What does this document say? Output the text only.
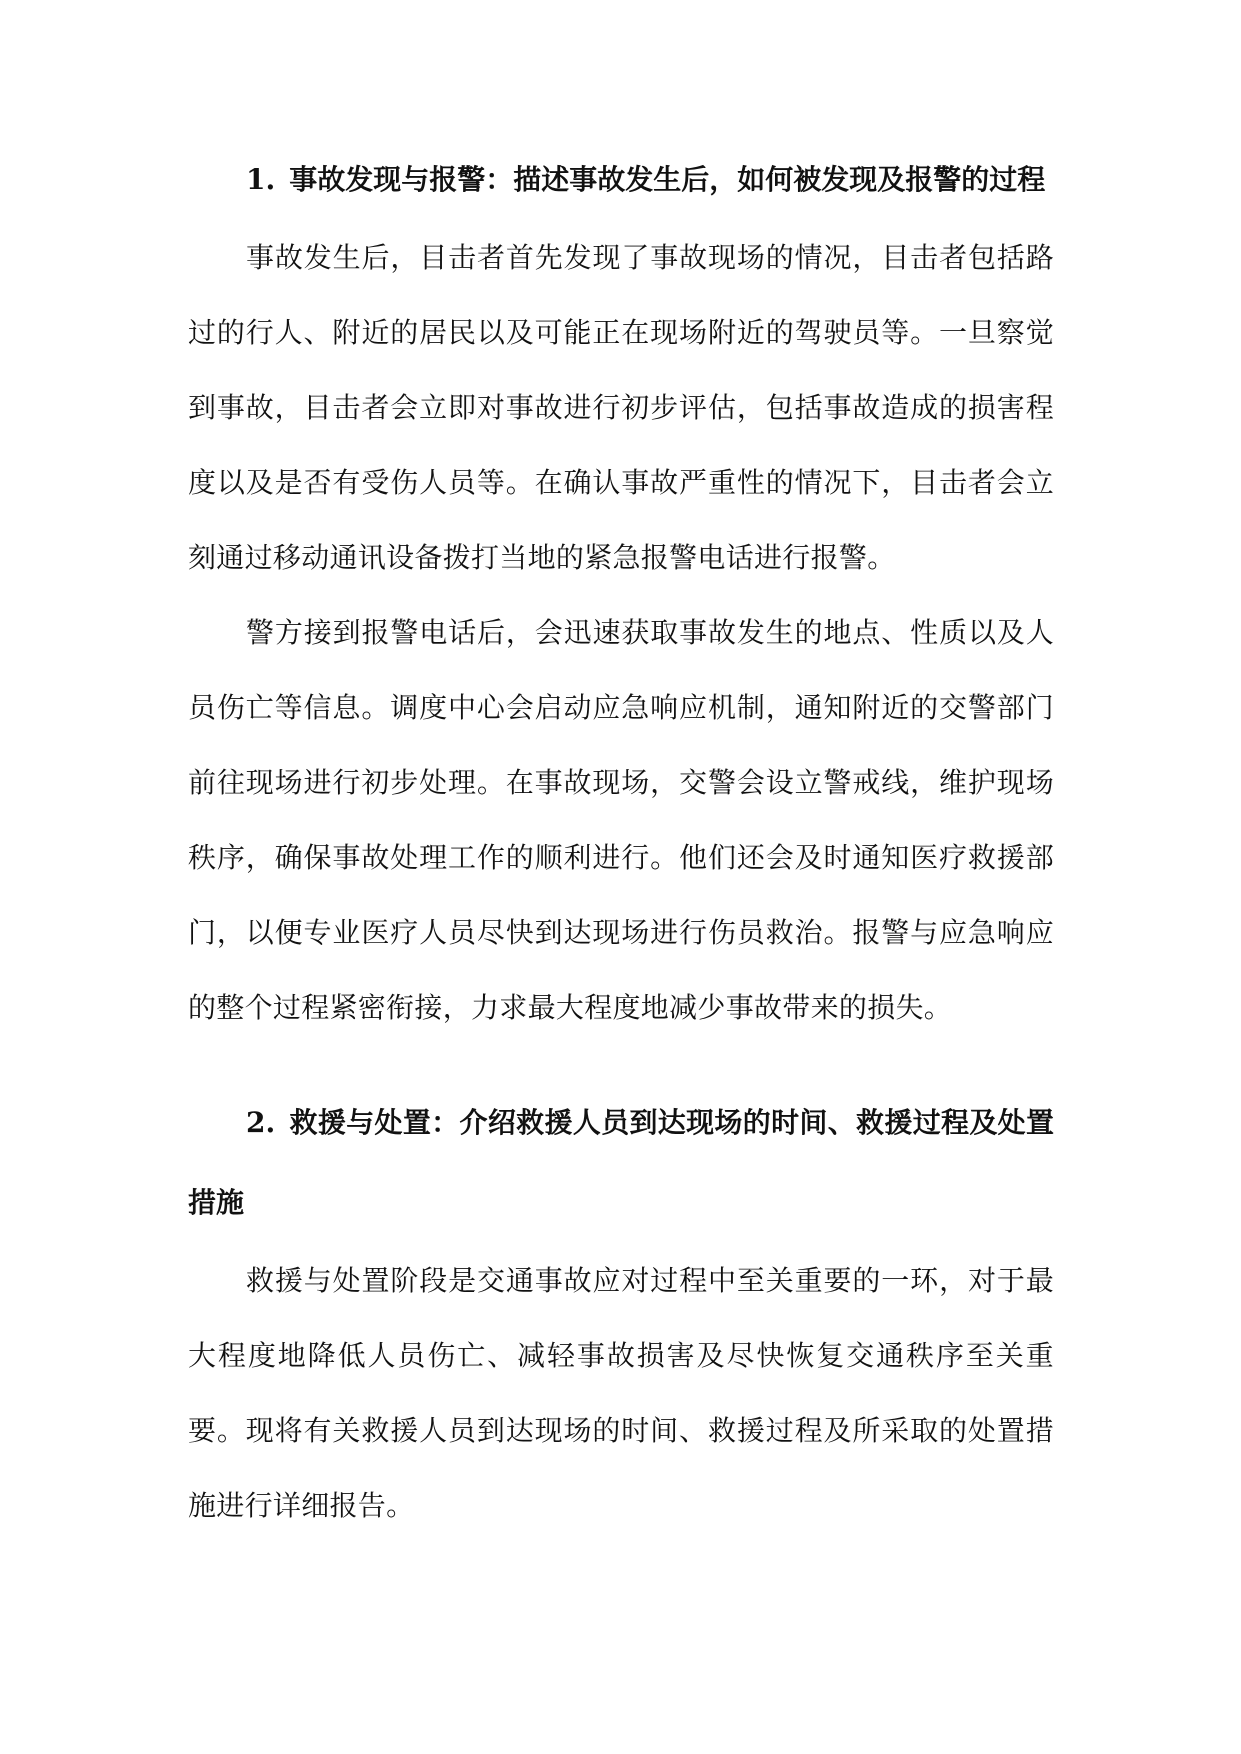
1. 事故发现与报警：描述事故发生后，如何被发现及报警的过程

事故发生后，目击者首先发现了事故现场的情况，目击者包括路过的行人、附近的居民以及可能正在现场附近的驾驶员等。一旦察觉到事故，目击者会立即对事故进行初步评估，包括事故造成的损害程度以及是否有受伤人员等。在确认事故严重性的情况下，目击者会立刻通过移动通讯设备拨打当地的紧急报警电话进行报警。

警方接到报警电话后，会迅速获取事故发生的地点、性质以及人员伤亡等信息。调度中心会启动应急响应机制，通知附近的交警部门前往现场进行初步处理。在事故现场，交警会设立警戒线，维护现场秩序，确保事故处理工作的顺利进行。他们还会及时通知医疗救援部门，以便专业医疗人员尽快到达现场进行伤员救治。报警与应急响应的整个过程紧密衔接，力求最大程度地减少事故带来的损失。

2. 救援与处置：介绍救援人员到达现场的时间、救援过程及处置措施

救援与处置阶段是交通事故应对过程中至关重要的一环，对于最大程度地降低人员伤亡、减轻事故损害及尽快恢复交通秩序至关重要。现将有关救援人员到达现场的时间、救援过程及所采取的处置措施进行详细报告。
